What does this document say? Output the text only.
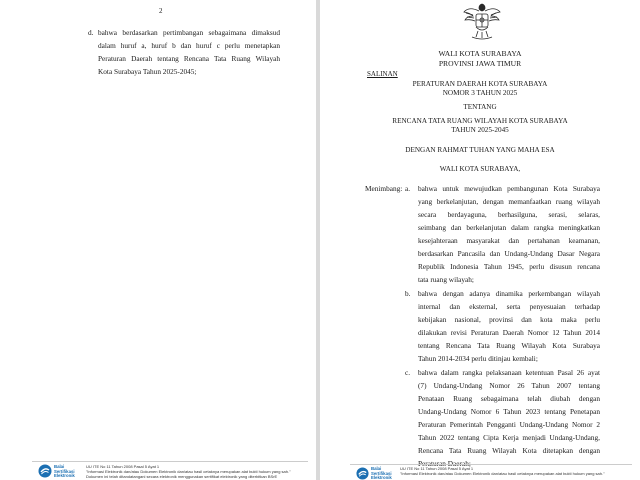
2
d. bahwa berdasarkan pertimbangan sebagaimana dimaksud
dalam huruf a, huruf b dan huruf c perlu menetapkan
Peraturan Daerah tentang Rencana Tata Ruang Wilayah
Kota Surabaya Tahun 2025-2045;
Balai
Sertifikasi
Elektronik
UU ITE No 11 Tahun 2008 Pasal 5 Ayat 1
"Informasi Elektronik dan/atau Dokumen Elektronik dan/atau hasil cetaknya merupakan alat bukti hukum yang sah."
Dokumen ini telah ditandatangani secara elektronik menggunakan sertifikat elektronik yang diterbitkan BSrE
WALI KOTA SURABAYA
PROVINSI JAWA TIMUR
SALINAN
PERATURAN DAERAH KOTA SURABAYA
NOMOR 3 TAHUN 2025
TENTANG
RENCANA TATA RUANG WILAYAH KOTA SURABAYA
TAHUN 2025-2045
DENGAN RAHMAT TUHAN YANG MAHA ESA
WALI KOTA SURABAYA,
Menimbang: a. bahwa untuk mewujudkan pembangunan Kota Surabaya
yang berkelanjutan, dengan memanfaatkan ruang wilayah
secara berdayaguna, berhasilguna, serasi, selaras,
seimbang dan berkelanjutan dalam rangka meningkatkan
kesejahteraan masyarakat dan pertahanan keamanan,
berdasarkan Pancasila dan Undang-Undang Dasar Negara
Republik Indonesia Tahun 1945, perlu disusun rencana
tata ruang wilayah;
b. bahwa dengan adanya dinamika perkembangan wilayah
internal dan eksternal, serta penyesuaian terhadap
kebijakan nasional, provinsi dan kota maka perlu
dilakukan revisi Peraturan Daerah Nomor 12 Tahun 2014
tentang Rencana Tata Ruang Wilayah Kota Surabaya
Tahun 2014-2034 perlu ditinjau kembali;
c. bahwa dalam rangka pelaksanaan ketentuan Pasal 26 ayat
(7) Undang-Undang Nomor 26 Tahun 2007 tentang
Penataan Ruang sebagaimana telah diubah dengan
Undang-Undang Nomor 6 Tahun 2023 tentang Penetapan
Peraturan Pemerintah Pengganti Undang-Undang Nomor 2
Tahun 2022 tentang Cipta Kerja menjadi Undang-Undang,
Rencana Tata Ruang Wilayah Kota ditetapkan dengan
Peraturan Daerah;
Balai
Sertifikasi
Elektronik
UU ITE No 11 Tahun 2008 Pasal 5 Ayat 1
"Informasi Elektronik dan/atau Dokumen Elektronik dan/atau hasil cetaknya merupakan alat bukti hukum yang sah."
